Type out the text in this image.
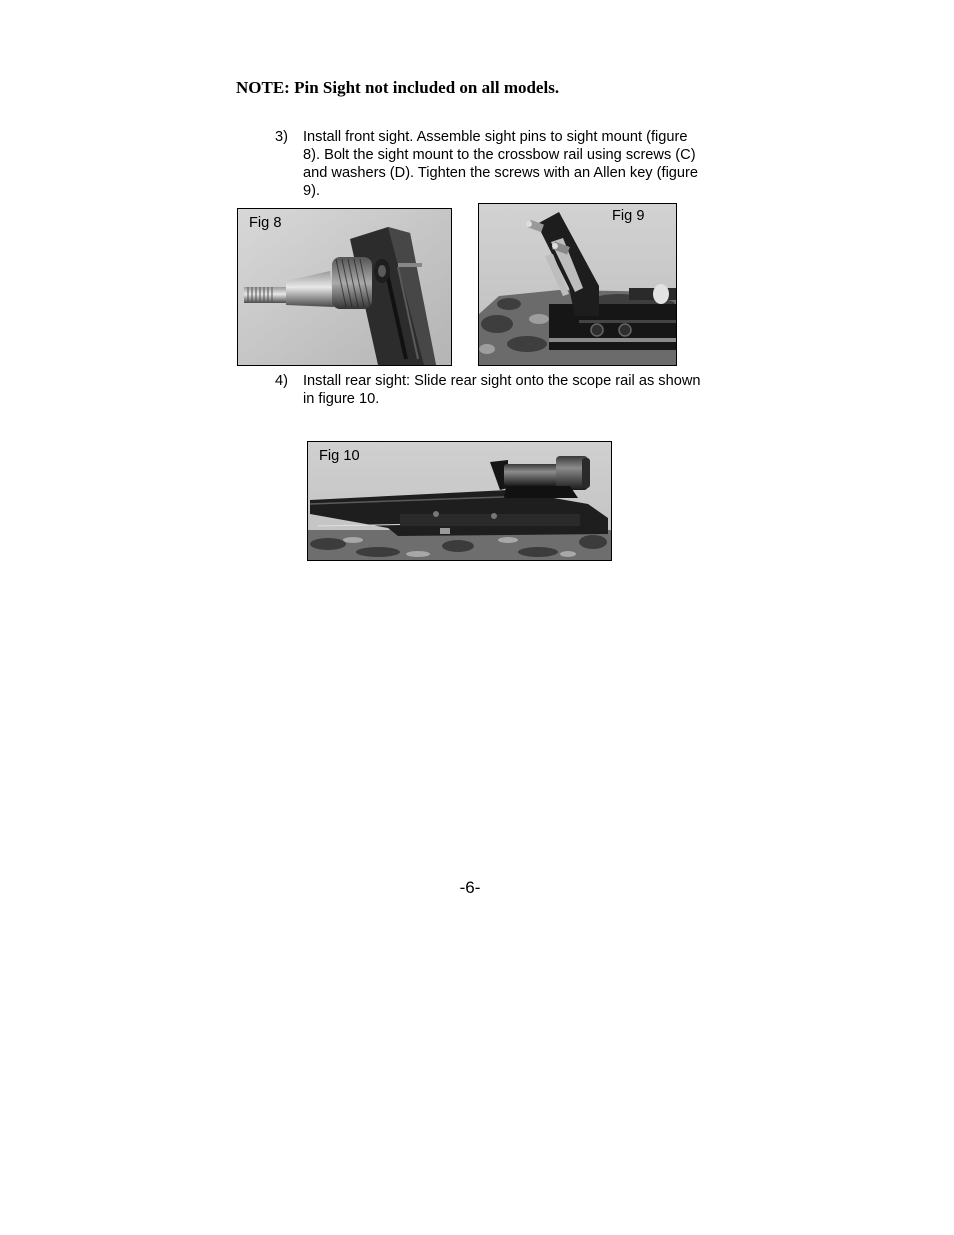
NOTE: Pin Sight not included on all models.
3)	Install front sight. Assemble sight pins to sight mount (figure 8). Bolt the sight mount to the crossbow rail using screws (C) and washers (D). Tighten the screws with an Allen key (figure 9).
Fig 8	Fig 9
4)	Install rear sight: Slide rear sight onto the scope rail as shown in figure 10.
Fig 10
-6-
